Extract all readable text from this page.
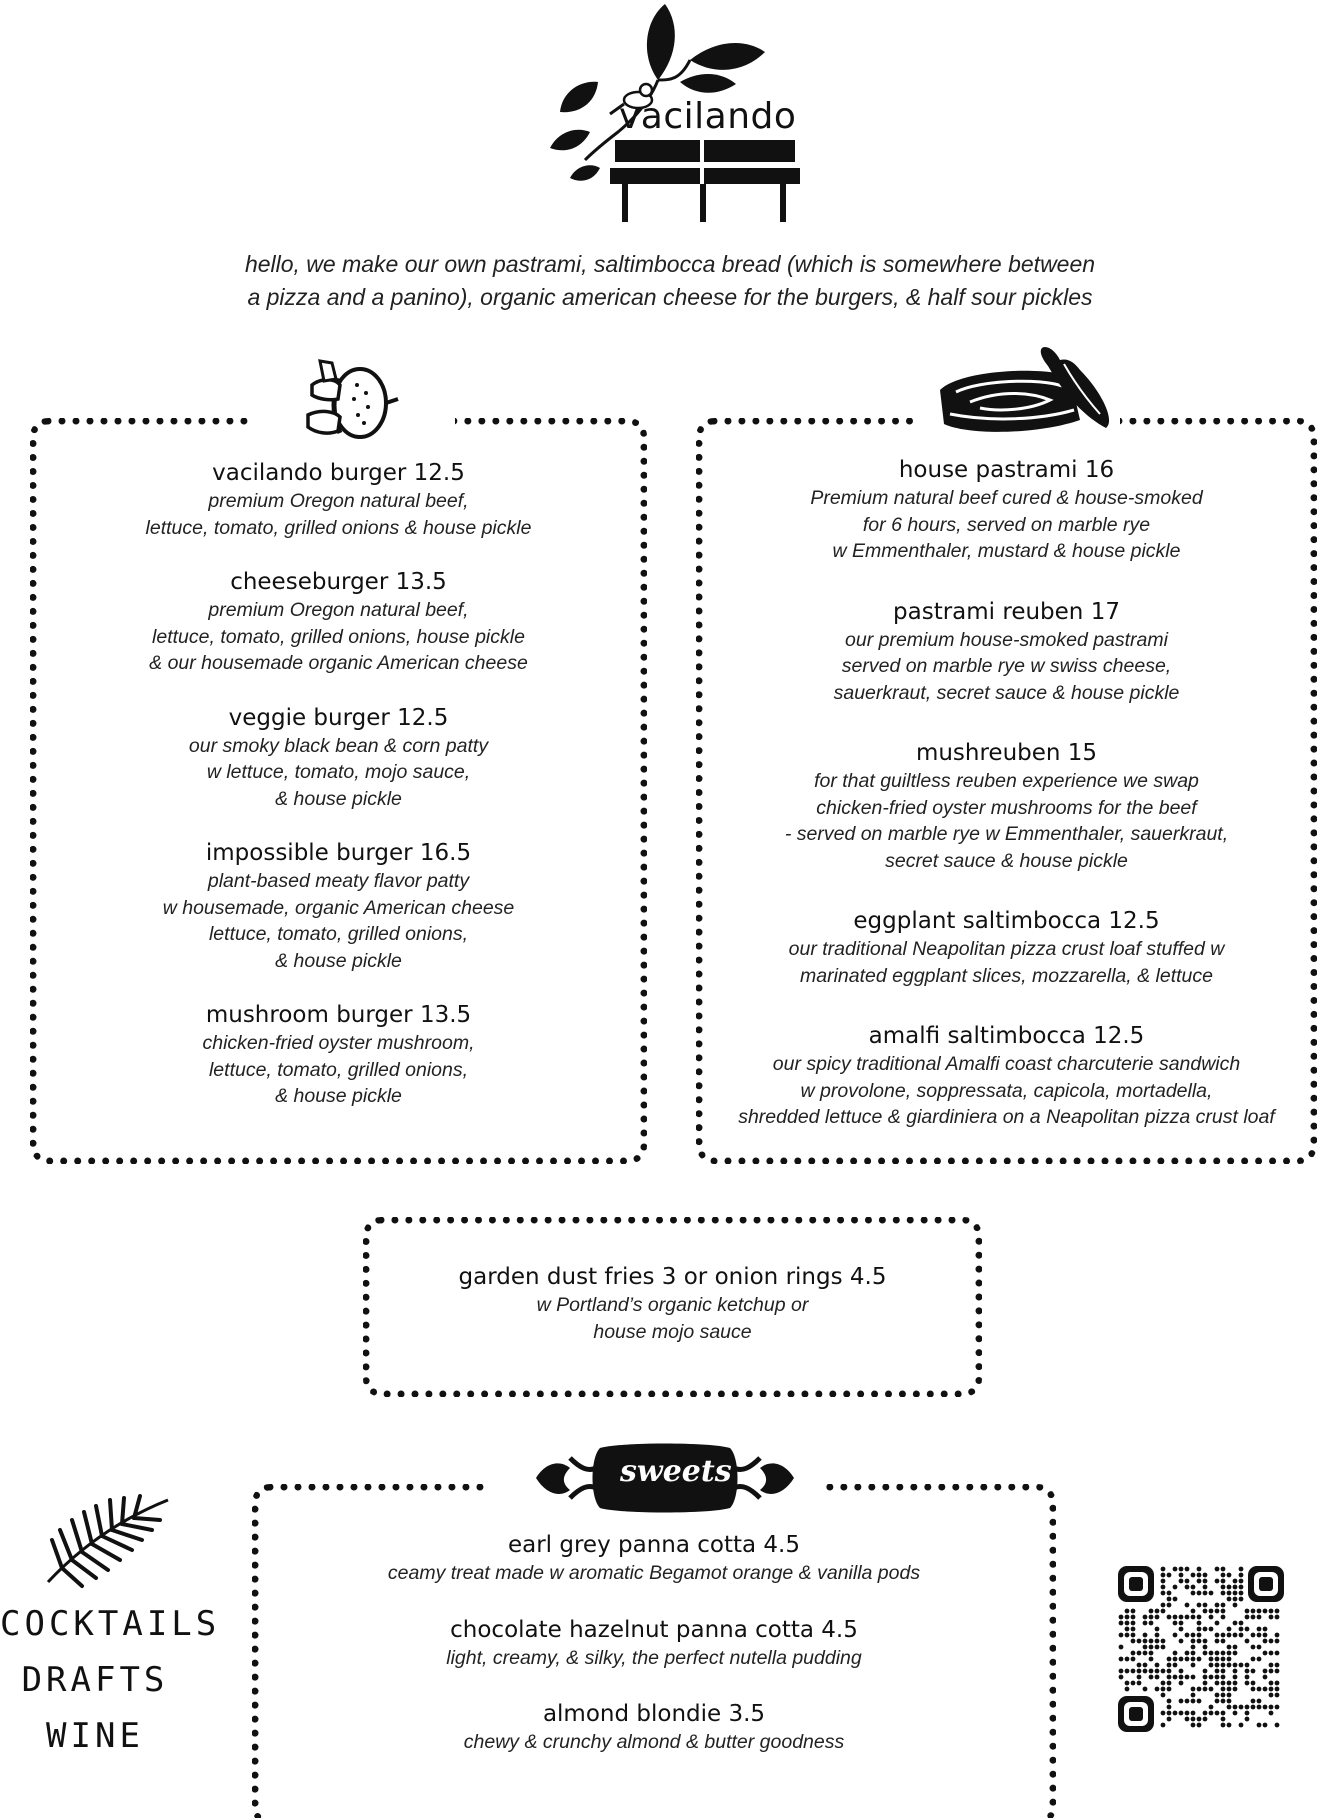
vacilando
hello, we make our own pastrami, saltimbocca bread (which is somewhere between a pizza and a panino), organic american cheese for the burgers, & half sour pickles
vacilando burger 12.5
premium Oregon natural beef,
lettuce, tomato, grilled onions & house pickle
cheeseburger 13.5
premium Oregon natural beef,
lettuce, tomato, grilled onions, house pickle
& our housemade organic American cheese
veggie burger 12.5
our smoky black bean & corn patty
w lettuce, tomato, mojo sauce,
& house pickle
impossible burger 16.5
plant-based meaty flavor patty
w housemade, organic American cheese
lettuce, tomato, grilled onions,
& house pickle
mushroom burger 13.5
chicken-fried oyster mushroom,
lettuce, tomato, grilled onions,
& house pickle
house pastrami 16
Premium natural beef cured & house-smoked
for 6 hours, served on marble rye
w Emmenthaler, mustard & house pickle
pastrami reuben 17
our premium house-smoked pastrami
served on marble rye w swiss cheese,
sauerkraut, secret sauce & house pickle
mushreuben 15
for that guiltless reuben experience we swap
chicken-fried oyster mushrooms for the beef
- served on marble rye w Emmenthaler, sauerkraut,
secret sauce & house pickle
eggplant saltimbocca 12.5
our traditional Neapolitan pizza crust loaf stuffed w
marinated eggplant slices, mozzarella, & lettuce
amalfi saltimbocca 12.5
our spicy traditional Amalfi coast charcuterie sandwich
w provolone, soppressata, capicola, mortadella,
shredded lettuce & giardiniera on a Neapolitan pizza crust loaf
garden dust fries 3 or onion rings 4.5
w Portland’s organic ketchup or
house mojo sauce
sweets
earl grey panna cotta 4.5
ceamy treat made w aromatic Begamot orange & vanilla pods
chocolate hazelnut panna cotta 4.5
light, creamy, & silky, the perfect nutella pudding
almond blondie 3.5
chewy & crunchy almond & butter goodness
COCKTAILS
DRAFTS
WINE
